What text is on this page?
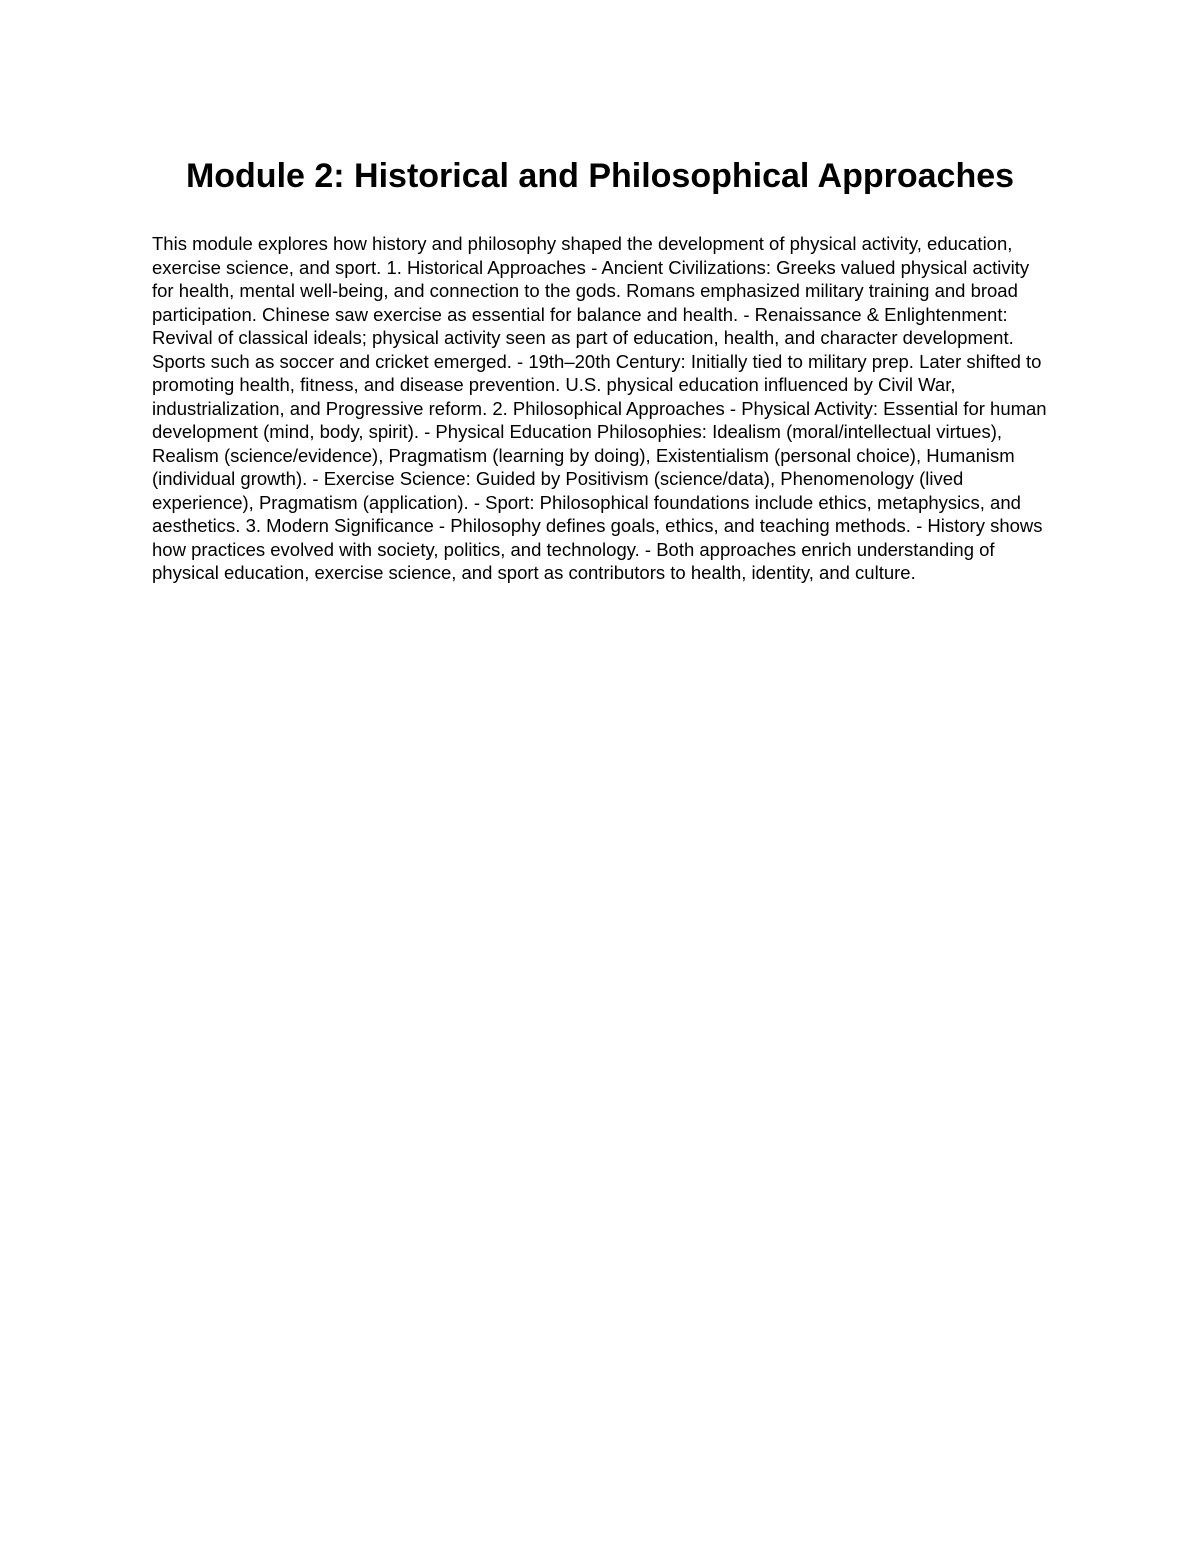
Module 2: Historical and Philosophical Approaches

This module explores how history and philosophy shaped the development of physical activity, education, exercise science, and sport. 1. Historical Approaches - Ancient Civilizations: Greeks valued physical activity for health, mental well-being, and connection to the gods. Romans emphasized military training and broad participation. Chinese saw exercise as essential for balance and health. - Renaissance & Enlightenment: Revival of classical ideals; physical activity seen as part of education, health, and character development. Sports such as soccer and cricket emerged. - 19th–20th Century: Initially tied to military prep. Later shifted to promoting health, fitness, and disease prevention. U.S. physical education influenced by Civil War, industrialization, and Progressive reform. 2. Philosophical Approaches - Physical Activity: Essential for human development (mind, body, spirit). - Physical Education Philosophies: Idealism (moral/intellectual virtues), Realism (science/evidence), Pragmatism (learning by doing), Existentialism (personal choice), Humanism (individual growth). - Exercise Science: Guided by Positivism (science/data), Phenomenology (lived experience), Pragmatism (application). - Sport: Philosophical foundations include ethics, metaphysics, and aesthetics. 3. Modern Significance - Philosophy defines goals, ethics, and teaching methods. - History shows how practices evolved with society, politics, and technology. - Both approaches enrich understanding of physical education, exercise science, and sport as contributors to health, identity, and culture.
